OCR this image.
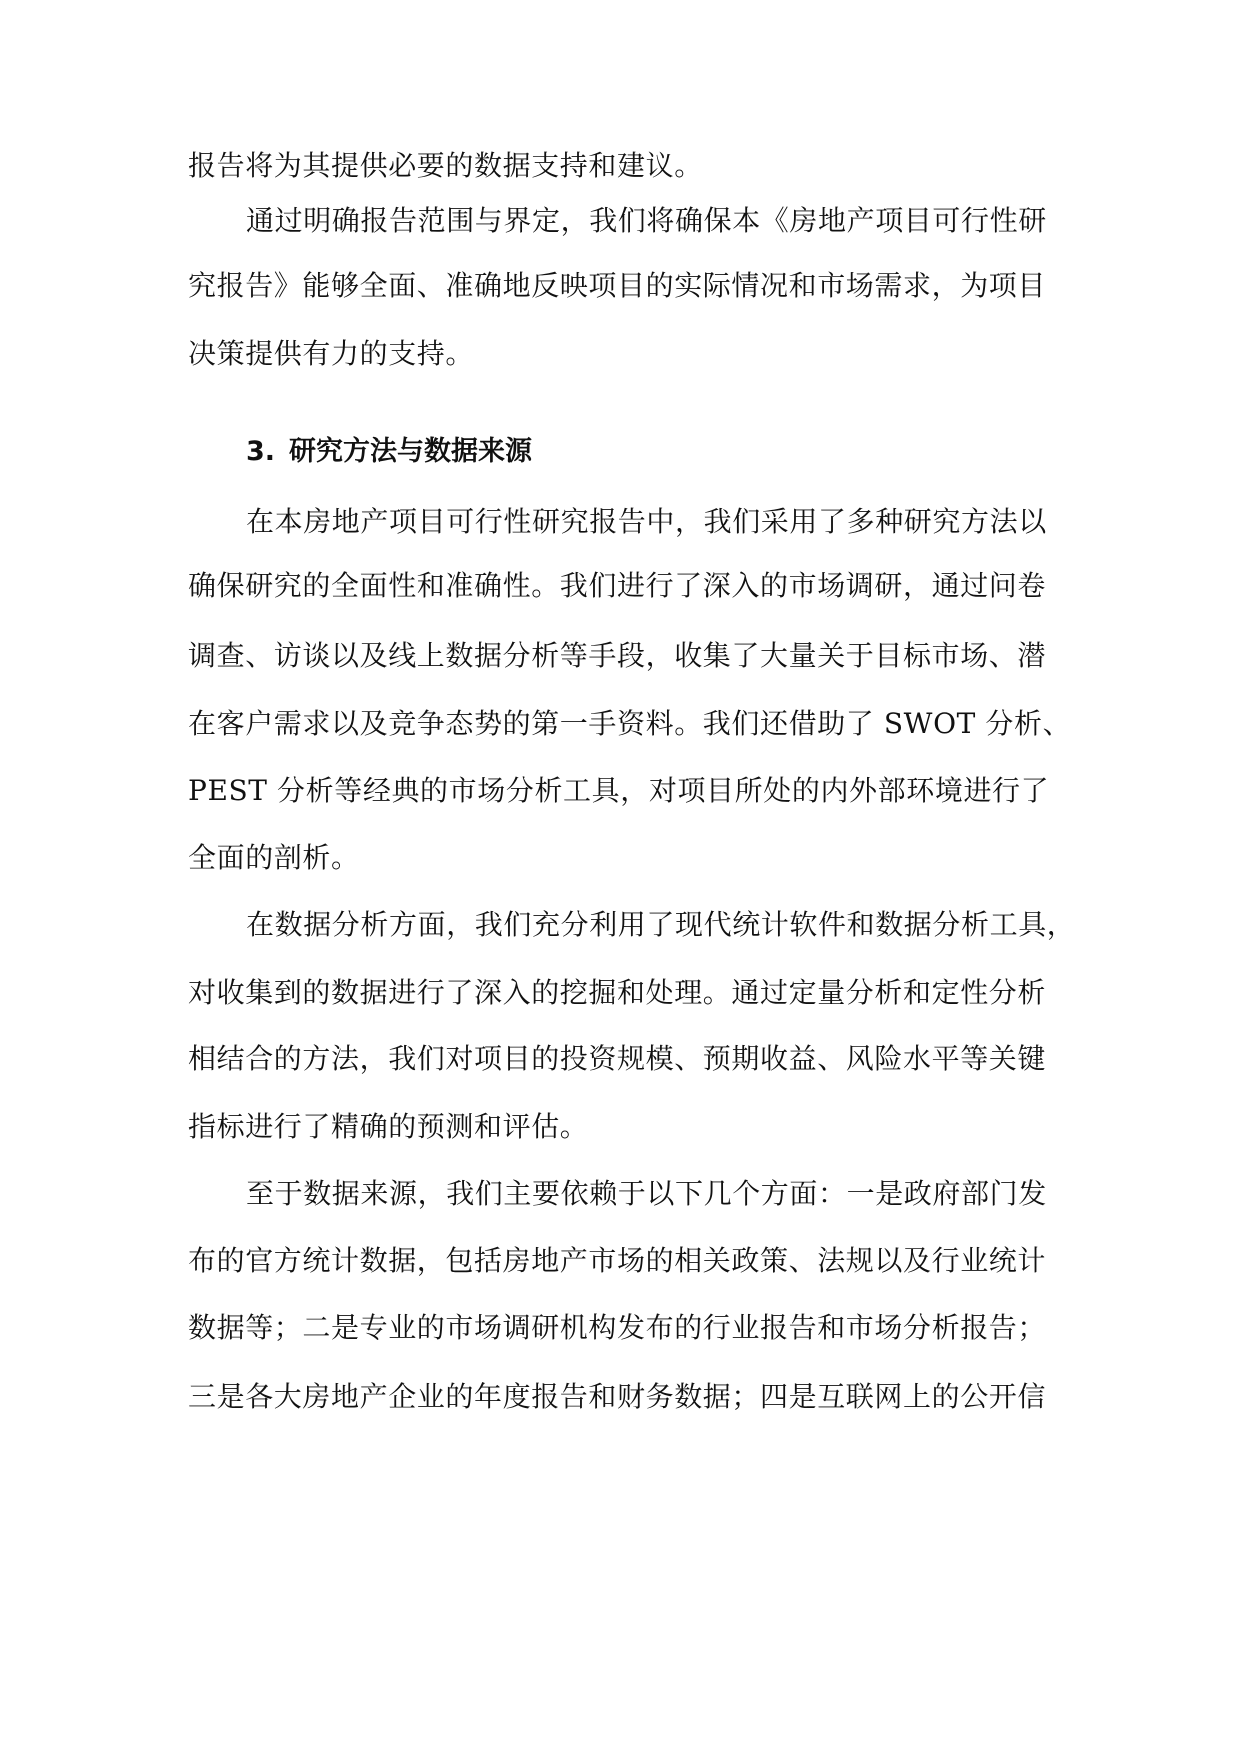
报告将为其提供必要的数据支持和建议。
通过明确报告范围与界定，我们将确保本《房地产项目可行性研
究报告》能够全面、准确地反映项目的实际情况和市场需求，为项目
决策提供有力的支持。
3. 研究方法与数据来源
在本房地产项目可行性研究报告中，我们采用了多种研究方法以
确保研究的全面性和准确性。我们进行了深入的市场调研，通过问卷
调查、访谈以及线上数据分析等手段，收集了大量关于目标市场、潜
在客户需求以及竞争态势的第一手资料。我们还借助了 SWOT 分析、
PEST 分析等经典的市场分析工具，对项目所处的内外部环境进行了
全面的剖析。
在数据分析方面，我们充分利用了现代统计软件和数据分析工具，
对收集到的数据进行了深入的挖掘和处理。通过定量分析和定性分析
相结合的方法，我们对项目的投资规模、预期收益、风险水平等关键
指标进行了精确的预测和评估。
至于数据来源，我们主要依赖于以下几个方面：一是政府部门发
布的官方统计数据，包括房地产市场的相关政策、法规以及行业统计
数据等；二是专业的市场调研机构发布的行业报告和市场分析报告；
三是各大房地产企业的年度报告和财务数据；四是互联网上的公开信
